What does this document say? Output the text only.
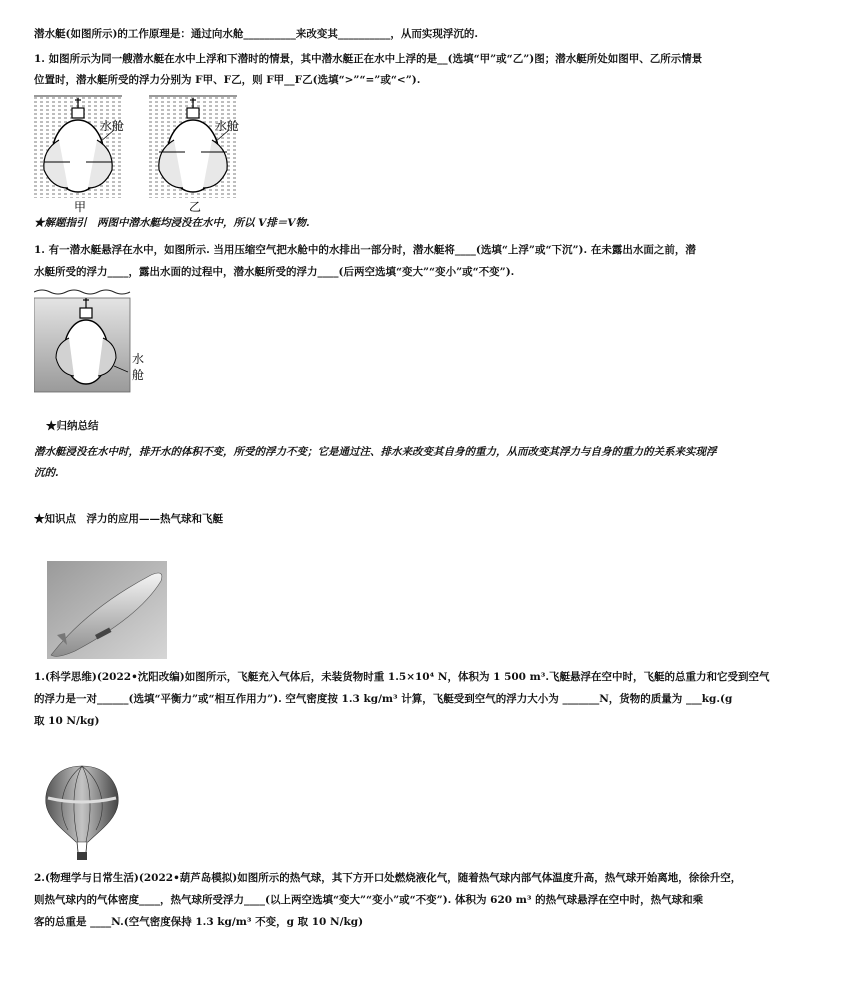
潜水艇(如图所示)的工作原理是：通过向水舱__________来改变其__________，从而实现浮沉的.
1. 如图所示为同一艘潜水艇在水中上浮和下潜时的情景，其中潜水艇正在水中上浮的是__(选填“甲”或“乙”)图；潜水艇所处如图甲、乙所示情景
位置时，潜水艇所受的浮力分别为 F甲、F乙，则 F甲__F乙(选填“>”“=”或“<”).
水舱
甲
水舱
乙
★解题指引　两图中潜水艇均浸没在水中，所以 V排＝V物.
1. 有一潜水艇悬浮在水中，如图所示. 当用压缩空气把水舱中的水排出一部分时，潜水艇将____(选填“上浮”或“下沉”). 在未露出水面之前，潜
水艇所受的浮力____，露出水面的过程中，潜水艇所受的浮力____(后两空选填“变大”“变小”或“不变”).
水
舱
★归纳总结
潜水艇浸没在水中时，排开水的体积不变，所受的浮力不变；它是通过注、排水来改变其自身的重力，从而改变其浮力与自身的重力的关系来实现浮
沉的.
★知识点　浮力的应用——热气球和飞艇
1.(科学思维)(2022•沈阳改编)如图所示，飞艇充入气体后，未装货物时重 1.5×10⁴ N，体积为 1 500 m³.飞艇悬浮在空中时，飞艇的总重力和它受到空气
的浮力是一对______(选填“平衡力”或“相互作用力”). 空气密度按 1.3 kg/m³ 计算，飞艇受到空气的浮力大小为 _______N，货物的质量为 ___kg.(g
取 10 N/kg)
2.(物理学与日常生活)(2022•葫芦岛模拟)如图所示的热气球，其下方开口处燃烧液化气，随着热气球内部气体温度升高，热气球开始离地，徐徐升空，
则热气球内的气体密度____，热气球所受浮力____(以上两空选填“变大”“变小”或“不变”). 体积为 620 m³ 的热气球悬浮在空中时，热气球和乘
客的总重是 ____N.(空气密度保持 1.3 kg/m³ 不变，g 取 10 N/kg)
